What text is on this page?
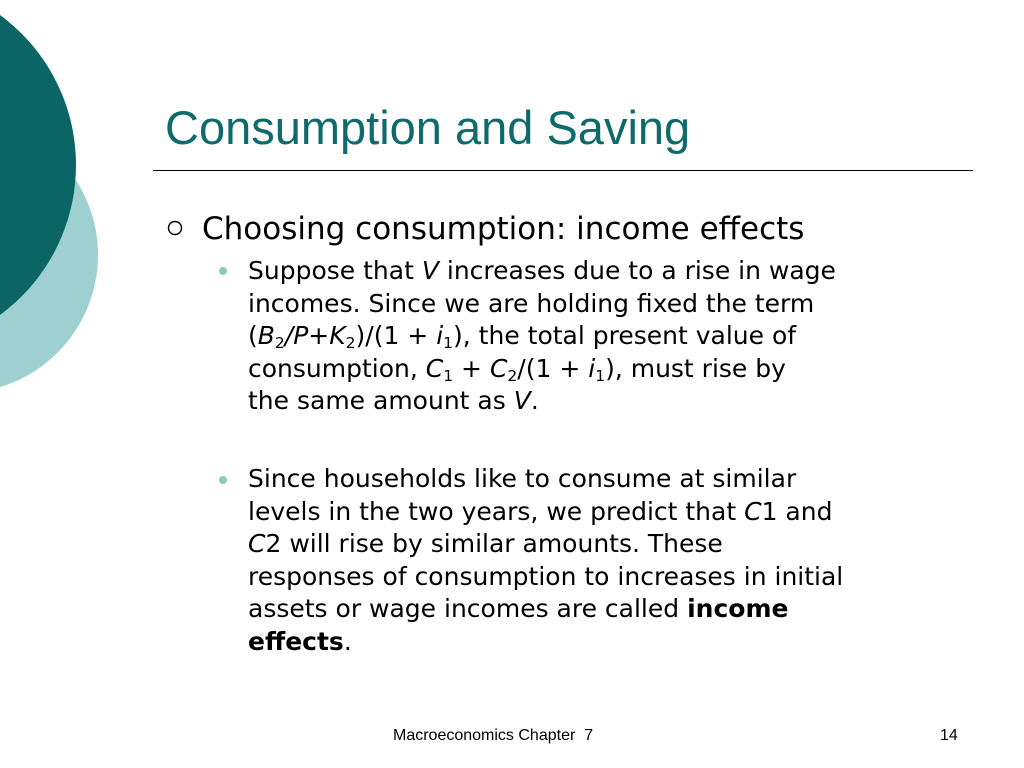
Consumption and Saving
Choosing consumption: income effects
Suppose that V increases due to a rise in wage
incomes. Since we are holding fixed the term
$(B_2/P+K_2)/(1 + i_1)$, the total present value of
consumption, $C_1 + C_2/(1 + i_1)$, must rise by
the same amount as V.
Since households like to consume at similar
levels in the two years, we predict that C1 and
C2 will rise by similar amounts. These
responses of consumption to increases in initial
assets or wage incomes are called income
effects.
Macroeconomics Chapter  7	14
